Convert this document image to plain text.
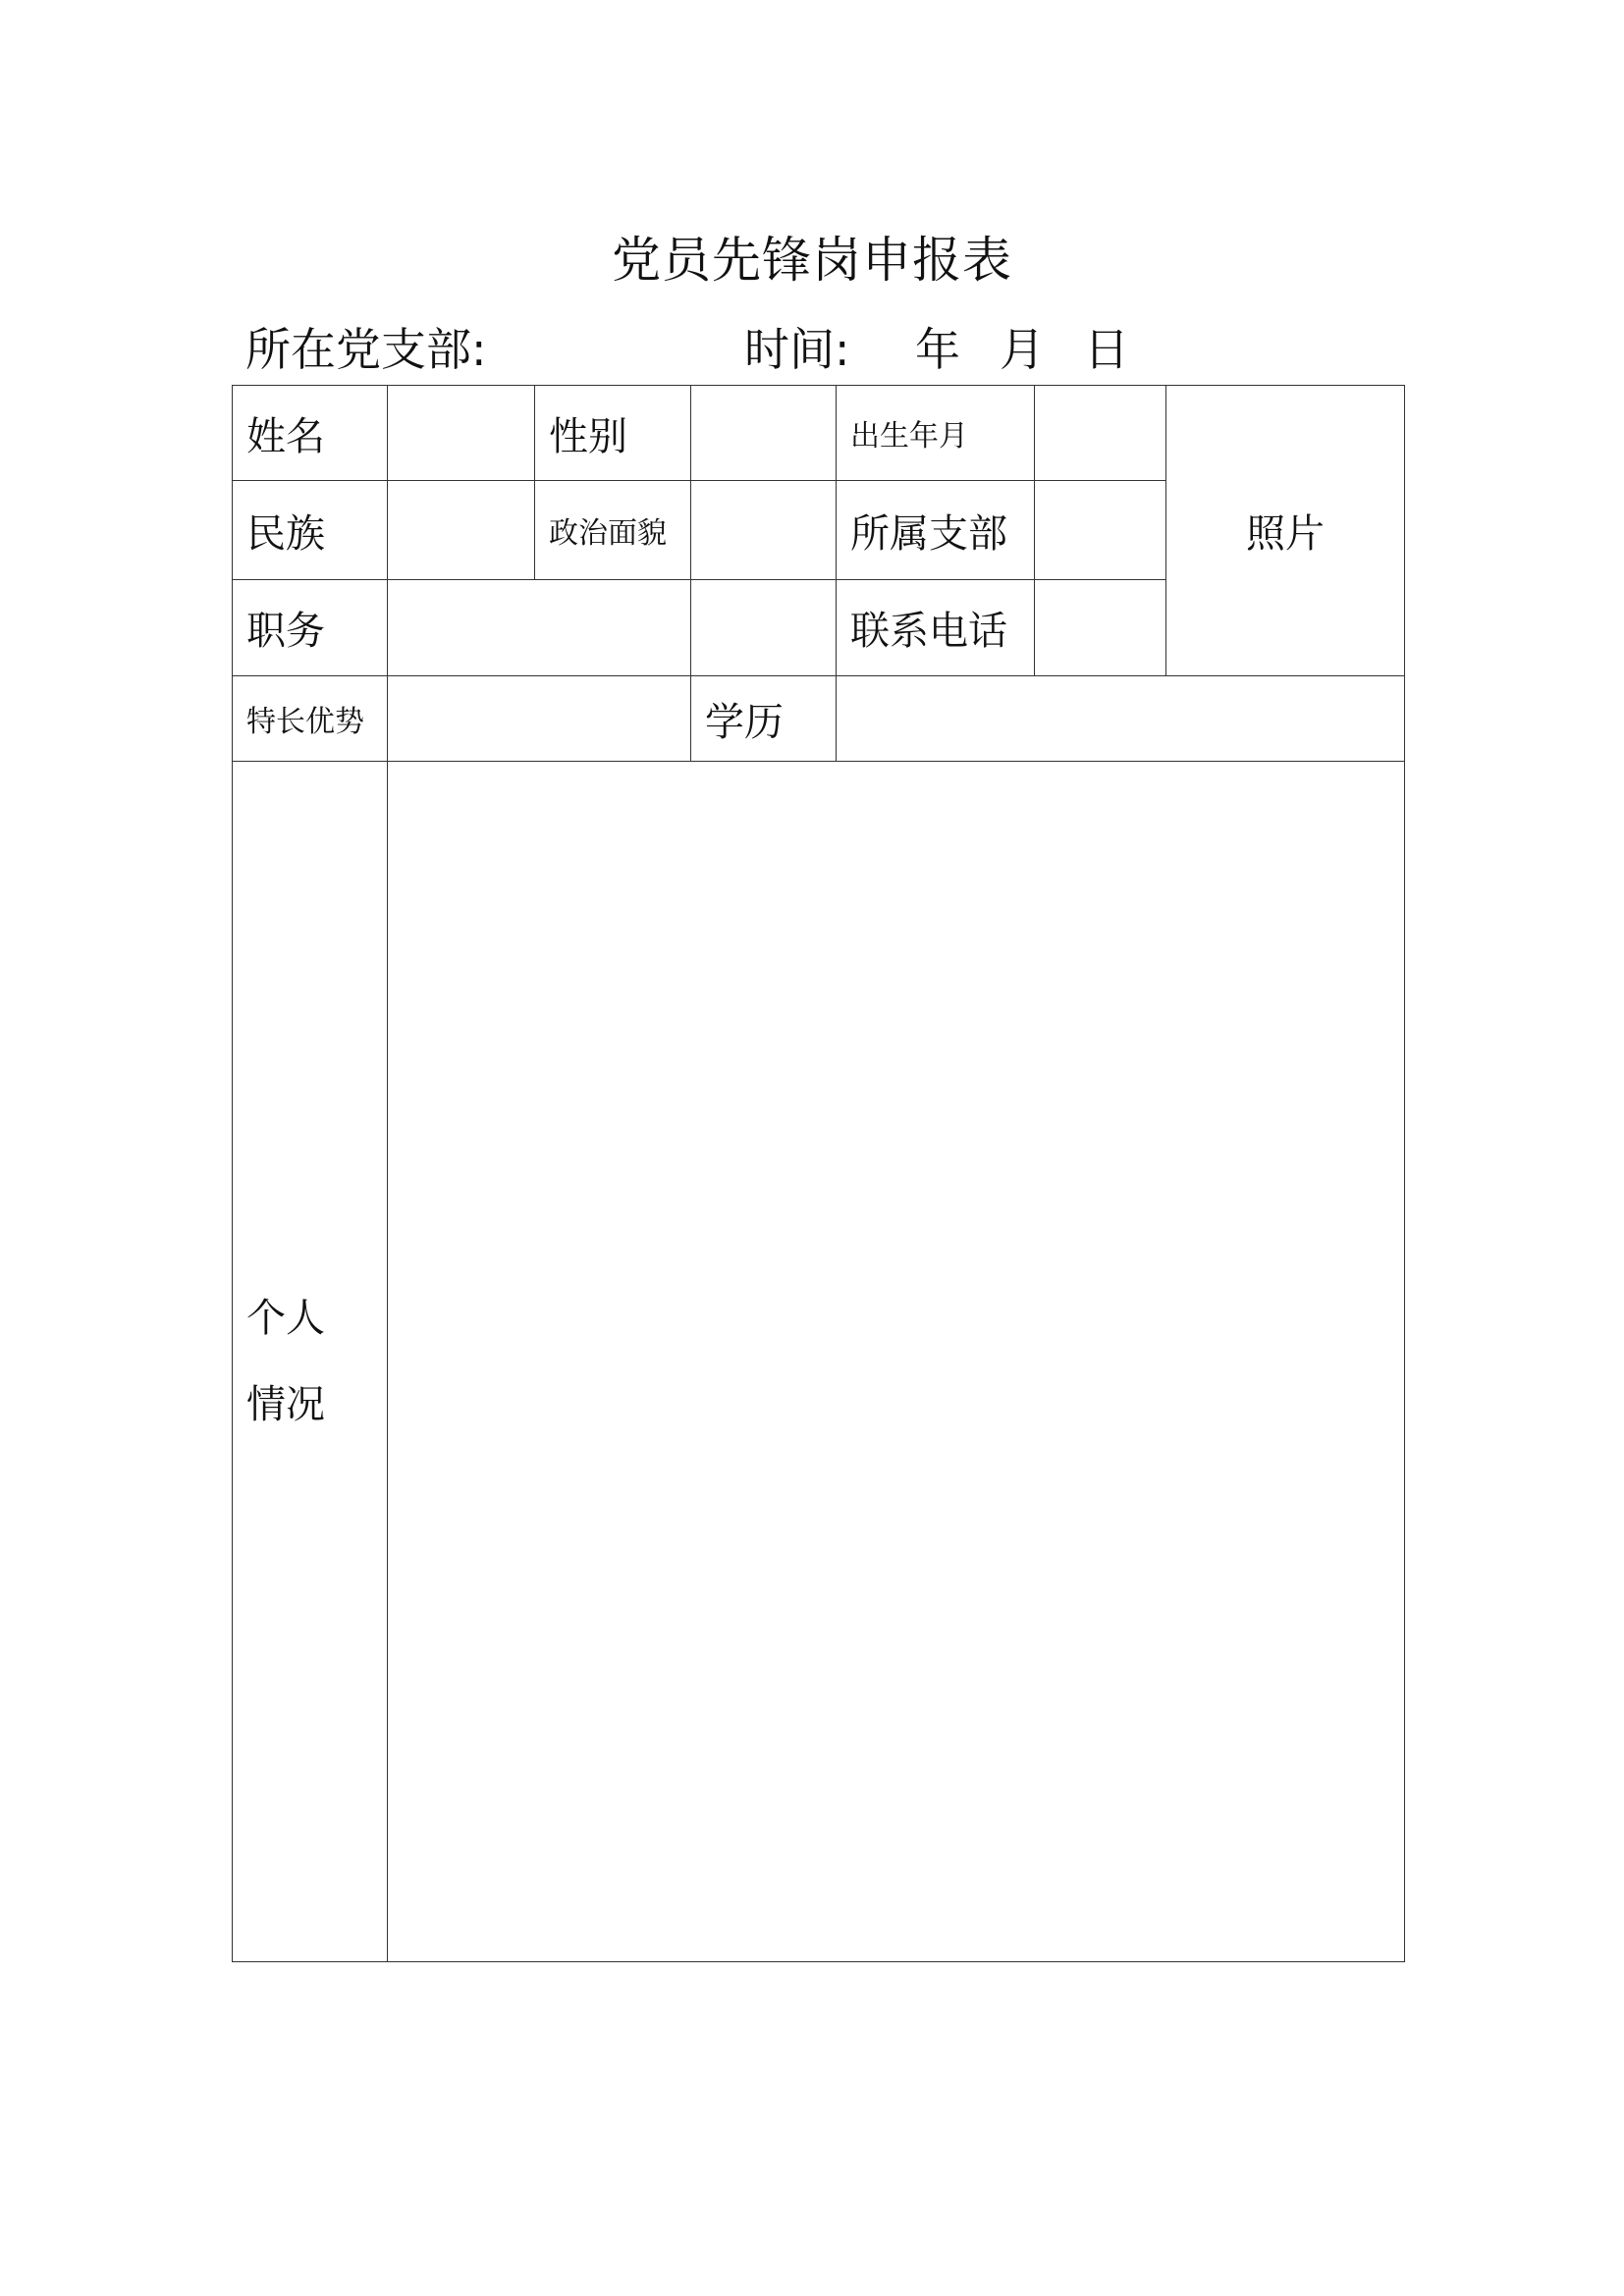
党员先锋岗申报表
所在党支部:	时间: 年 月 日
姓名		性别		出生年月		照片
民族		政治面貌		所属支部		
职务				联系电话		
特长优势			学历			

个人
情况						
